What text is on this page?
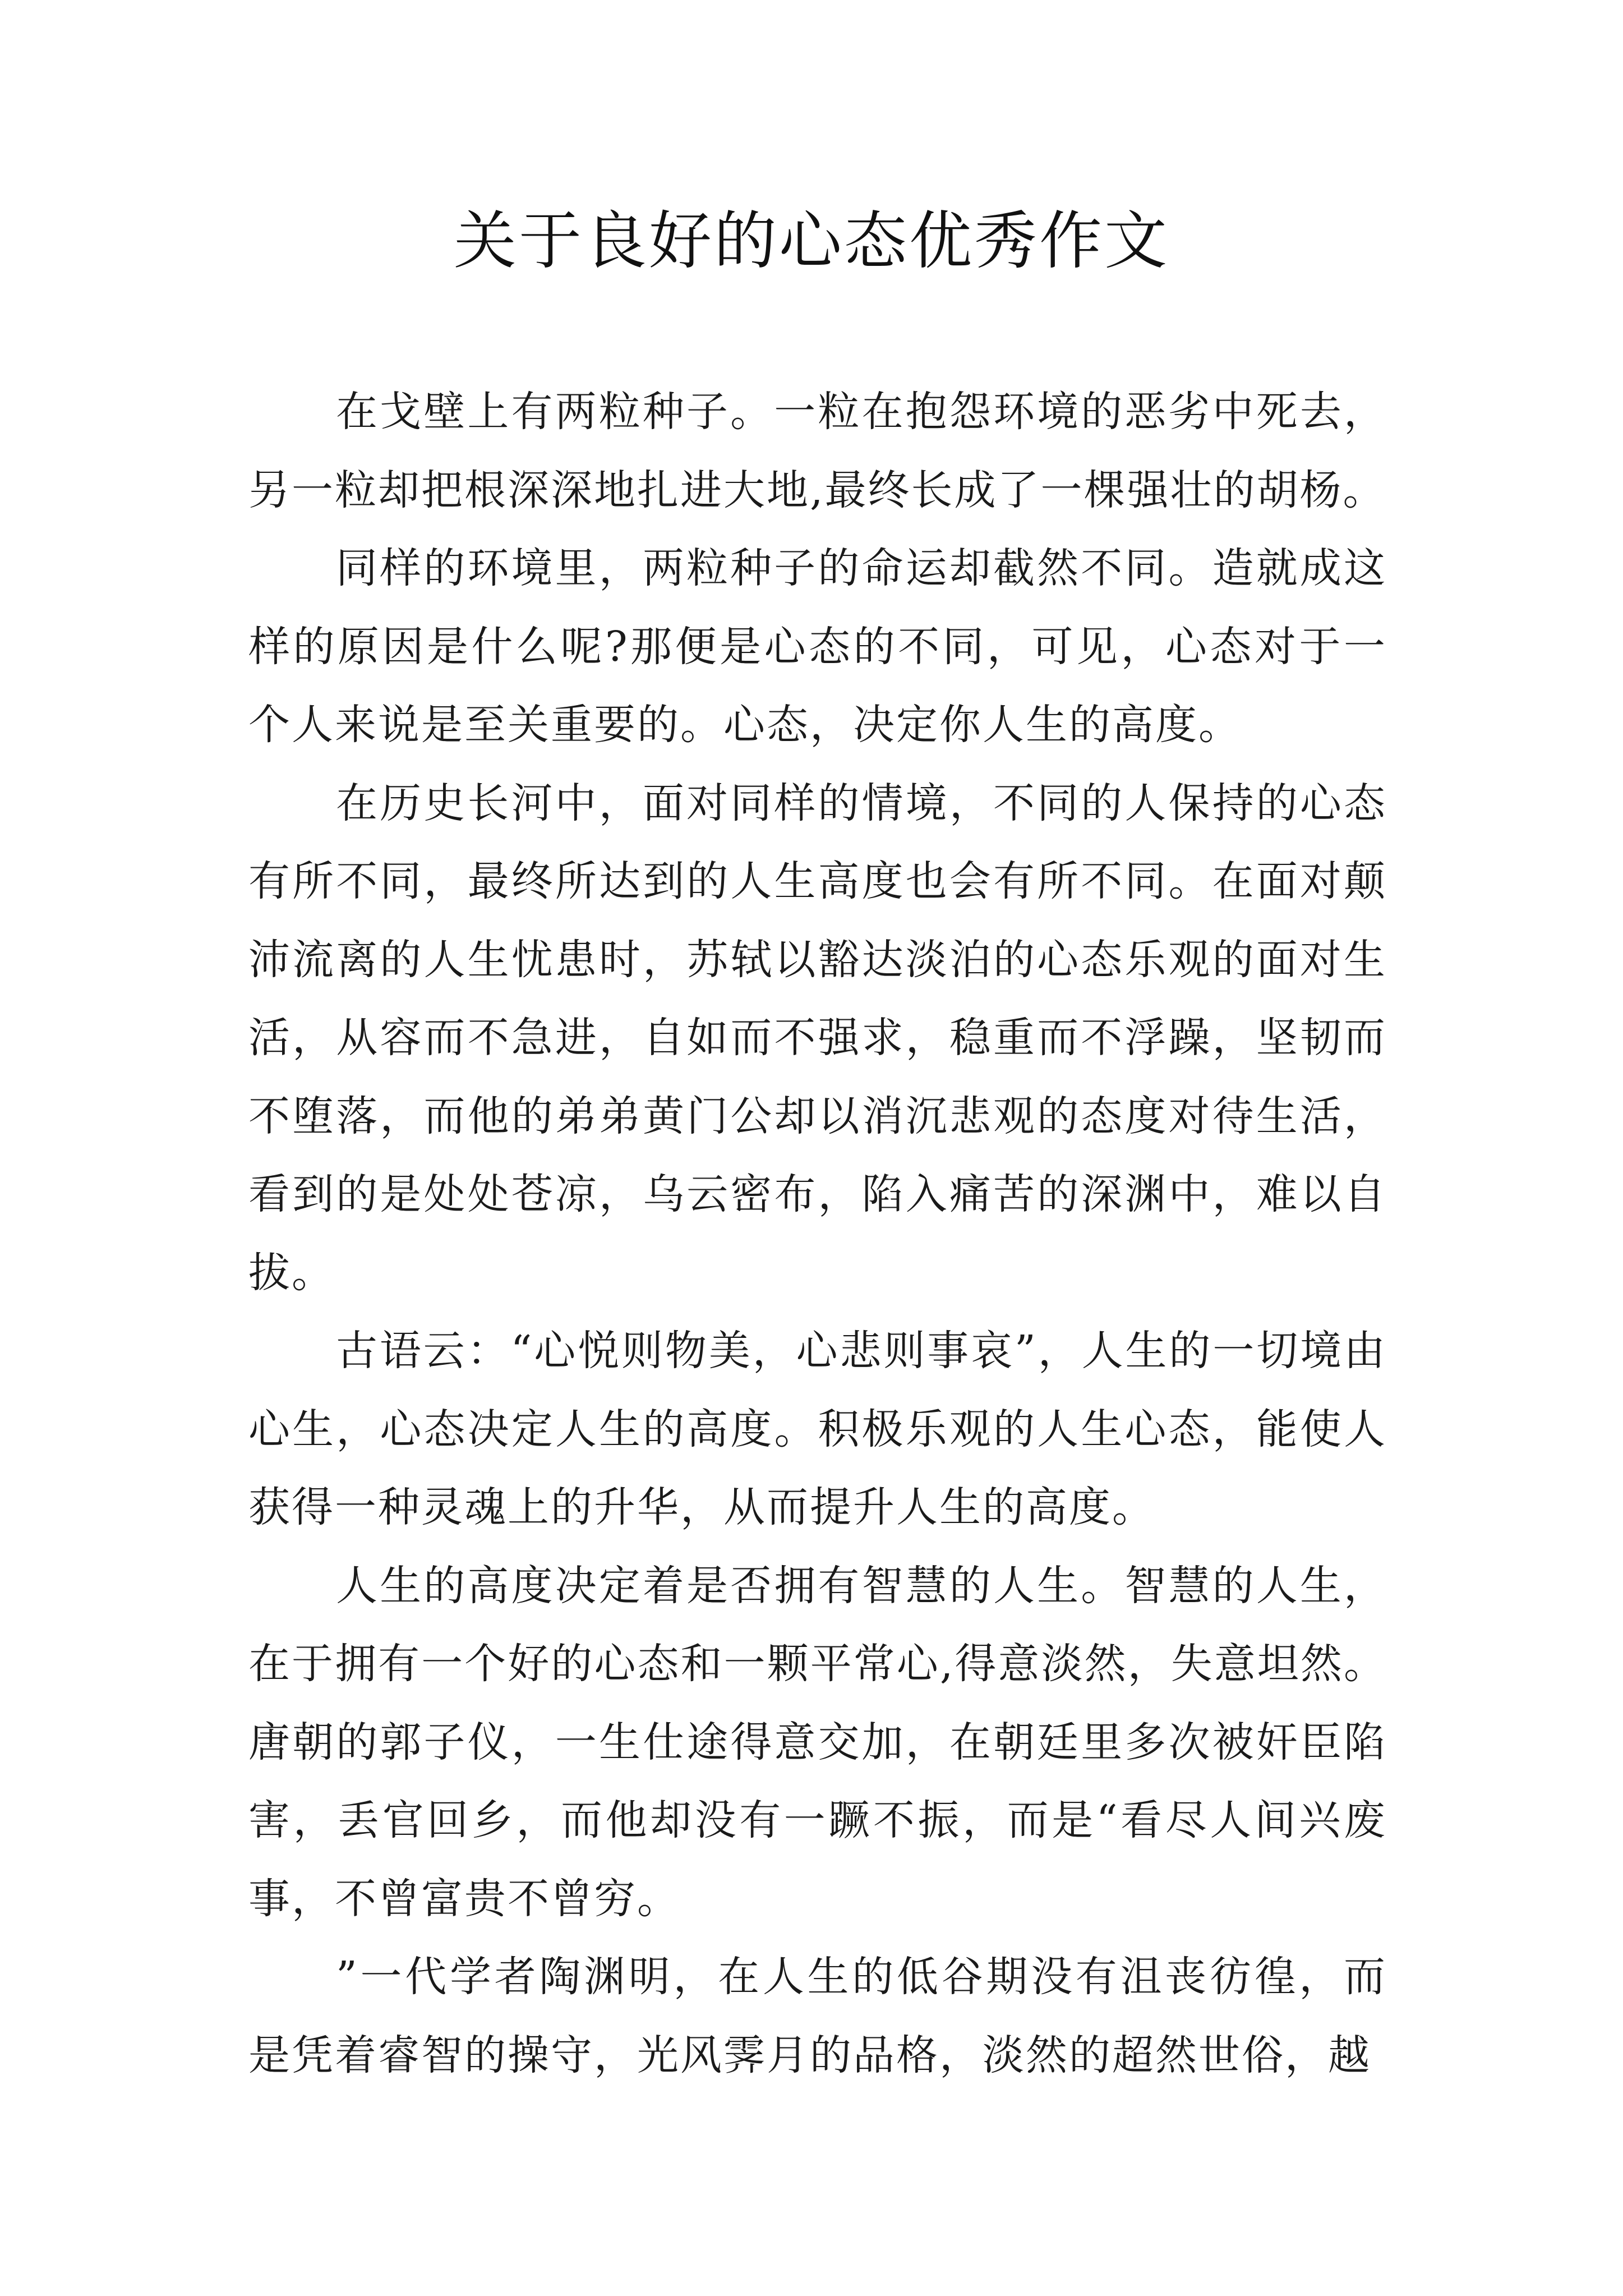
关于良好的心态优秀作文

在戈壁上有两粒种子。一粒在抱怨环境的恶劣中死去，另一粒却把根深深地扎进大地,最终长成了一棵强壮的胡杨。

同样的环境里，两粒种子的命运却截然不同。造就成这样的原因是什么呢?那便是心态的不同，可见，心态对于一个人来说是至关重要的。心态，决定你人生的高度。

在历史长河中，面对同样的情境，不同的人保持的心态有所不同，最终所达到的人生高度也会有所不同。在面对颠沛流离的人生忧患时，苏轼以豁达淡泊的心态乐观的面对生活，从容而不急进，自如而不强求，稳重而不浮躁，坚韧而不堕落，而他的弟弟黄门公却以消沉悲观的态度对待生活，看到的是处处苍凉，乌云密布，陷入痛苦的深渊中，难以自拔。

古语云：“心悦则物美，心悲则事哀”，人生的一切境由心生，心态决定人生的高度。积极乐观的人生心态，能使人获得一种灵魂上的升华，从而提升人生的高度。

人生的高度决定着是否拥有智慧的人生。智慧的人生，在于拥有一个好的心态和一颗平常心,得意淡然，失意坦然。唐朝的郭子仪，一生仕途得意交加，在朝廷里多次被奸臣陷害，丢官回乡，而他却没有一蹶不振，而是“看尽人间兴废事，不曾富贵不曾穷。

”一代学者陶渊明，在人生的低谷期没有沮丧彷徨，而是凭着睿智的操守，光风霁月的品格，淡然的超然世俗，越
